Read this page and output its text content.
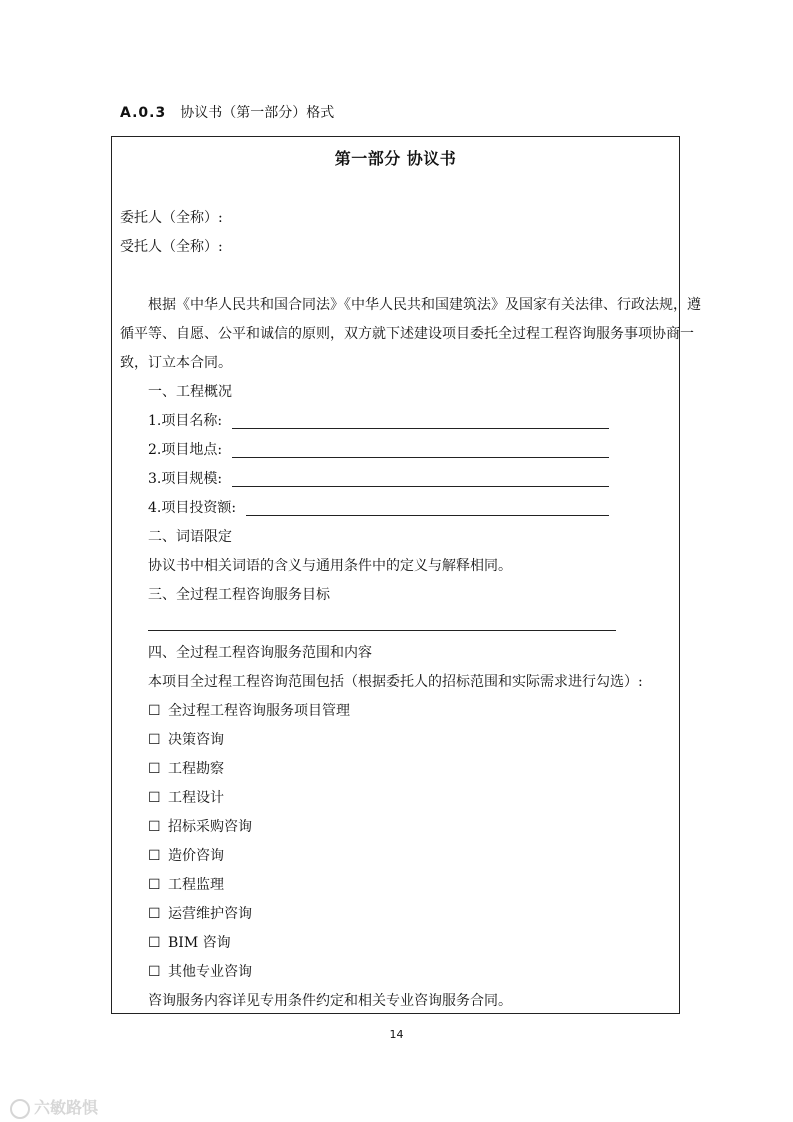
A.0.3 协议书（第一部分）格式
第一部分 协议书
委托人（全称）:
受托人（全称）:
根据《中华人民共和国合同法》《中华人民共和国建筑法》及国家有关法律、行政法规，遵
循平等、自愿、公平和诚信的原则，双方就下述建设项目委托全过程工程咨询服务事项协商一
致，订立本合同。
一、工程概况
1.项目名称:
2.项目地点:
3.项目规模:
4.项目投资额:
二、词语限定
协议书中相关词语的含义与通用条件中的定义与解释相同。
三、全过程工程咨询服务目标
四、全过程工程咨询服务范围和内容
本项目全过程工程咨询范围包括（根据委托人的招标范围和实际需求进行勾选）:
☐ 全过程工程咨询服务项目管理
☐ 决策咨询
☐ 工程勘察
☐ 工程设计
☐ 招标采购咨询
☐ 造价咨询
☐ 工程监理
☐ 运营维护咨询
☐ BIM 咨询
☐ 其他专业咨询
咨询服务内容详见专用条件约定和相关专业咨询服务合同。
14
六敏路惧
